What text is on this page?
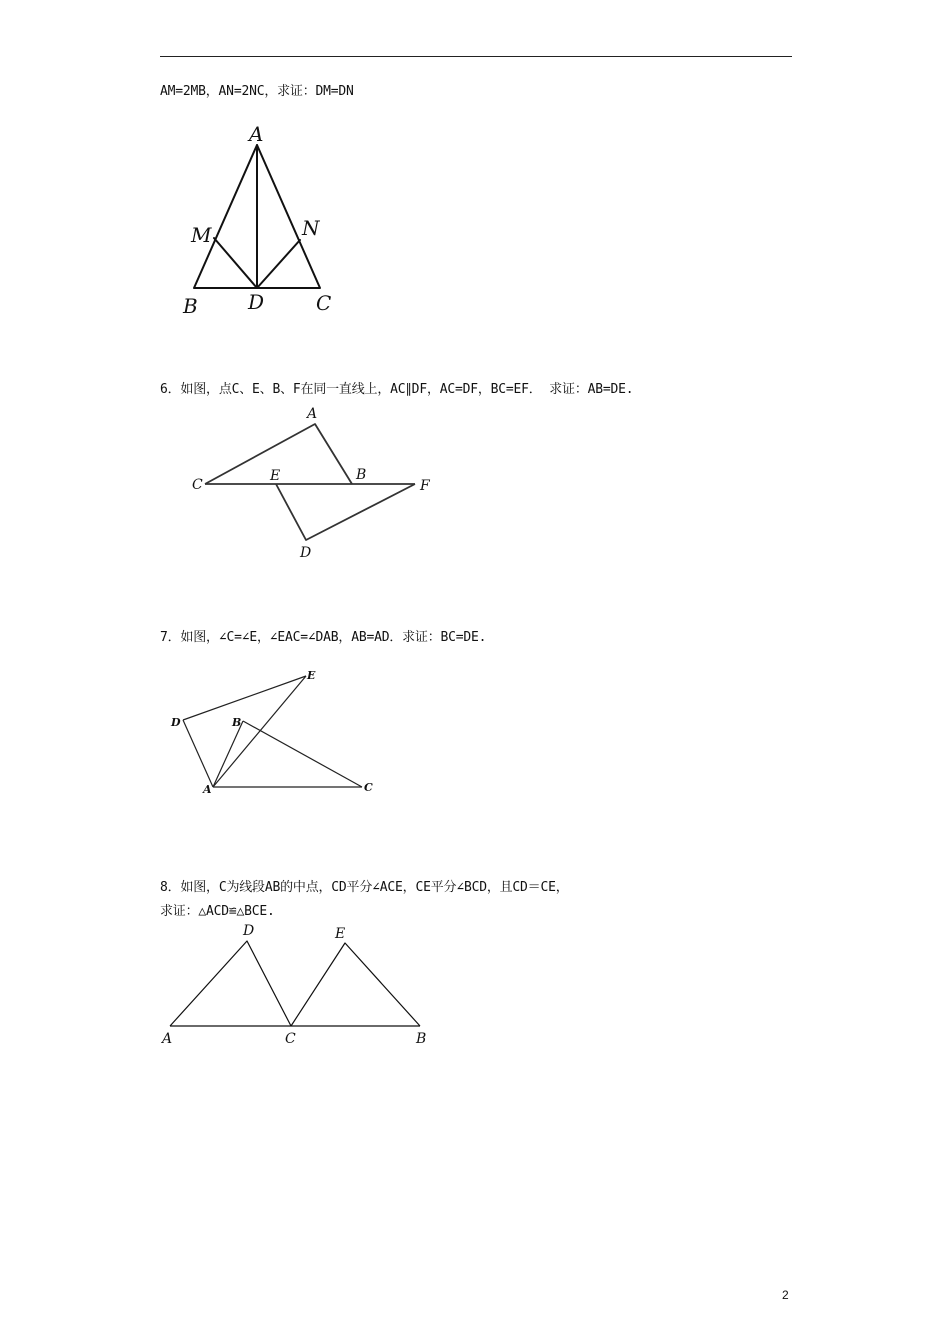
AM=2MB，AN=2NC，求证：DM=DN
A
M	N
B	D	C
6．如图，点C、E、B、F在同一直线上，AC∥DF，AC=DF，BC=EF． 求证：AB=DE.
A
C
E	B
F
D
7．如图，∠C=∠E，∠EAC=∠DAB，AB=AD．求证：BC=DE.
E
D	B
A	C
8．如图，C为线段AB的中点，CD平分∠ACE，CE平分∠BCD，且CD＝CE，
求证：△ACD≌△BCE.
D	E
A	C	B
2
